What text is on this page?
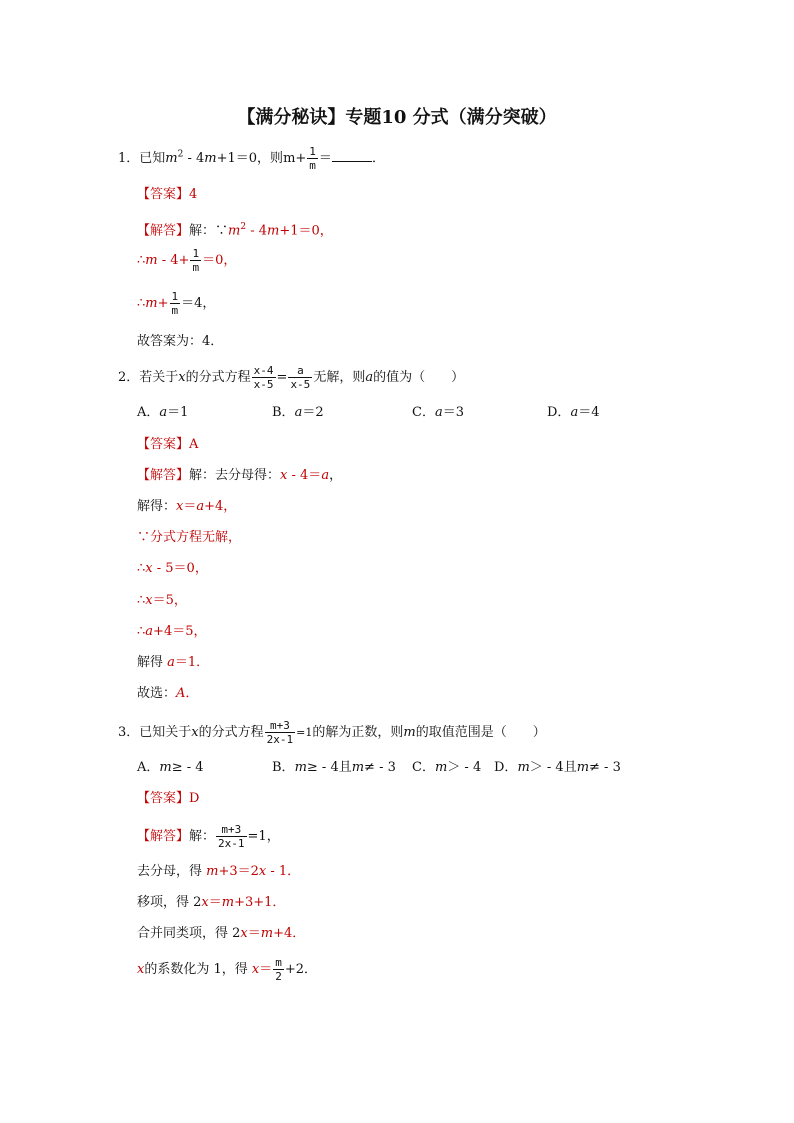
【满分秘诀】专题10 分式（满分突破）
1．已知$m^2 - 4m+1=0$，则$m+ \frac{1}{m}$ ＝	．
【答案】4
【解答】解：$\because m^2 - 4m+1=0$，
∴m - $4+ \frac{1}{m} =0$，
∴m+ $\frac{1}{m} =4$，
故答案为：4．
2．若关于x的分式方程 $\frac{x-4}{x-5} = \frac{a}{x-5}$ 无解，则a的值为（　　）
A．a＝1	B．a＝2	C．a＝3	D．a＝4
【答案】A
【解答】解：去分母得：x - 4＝a，
解得：x＝a+4，
∵分式方程无解，
∴x - 5＝0，
∴x＝5，
∴a+4＝5，
解得 a＝1．
故选：A．
3．已知关于x的分式方程 $\frac{m+3}{2x-1} =1$的解为正数，则m的取值范围是（　　）
A．m≥ - 4	B．m≥ - 4且m≠ - 3 C．m＞ - 4 D．m＞ - 4且m≠ - 3
【答案】D
【解答】解： $\frac{m+3}{2x-1} =1$，
去分母，得 m+3＝2x - 1．
移项，得 2x＝m+3+1．
合并同类项，得 2x＝m+4．
x的系数化为 1，得 $x= \frac{m}{2} +2$．
